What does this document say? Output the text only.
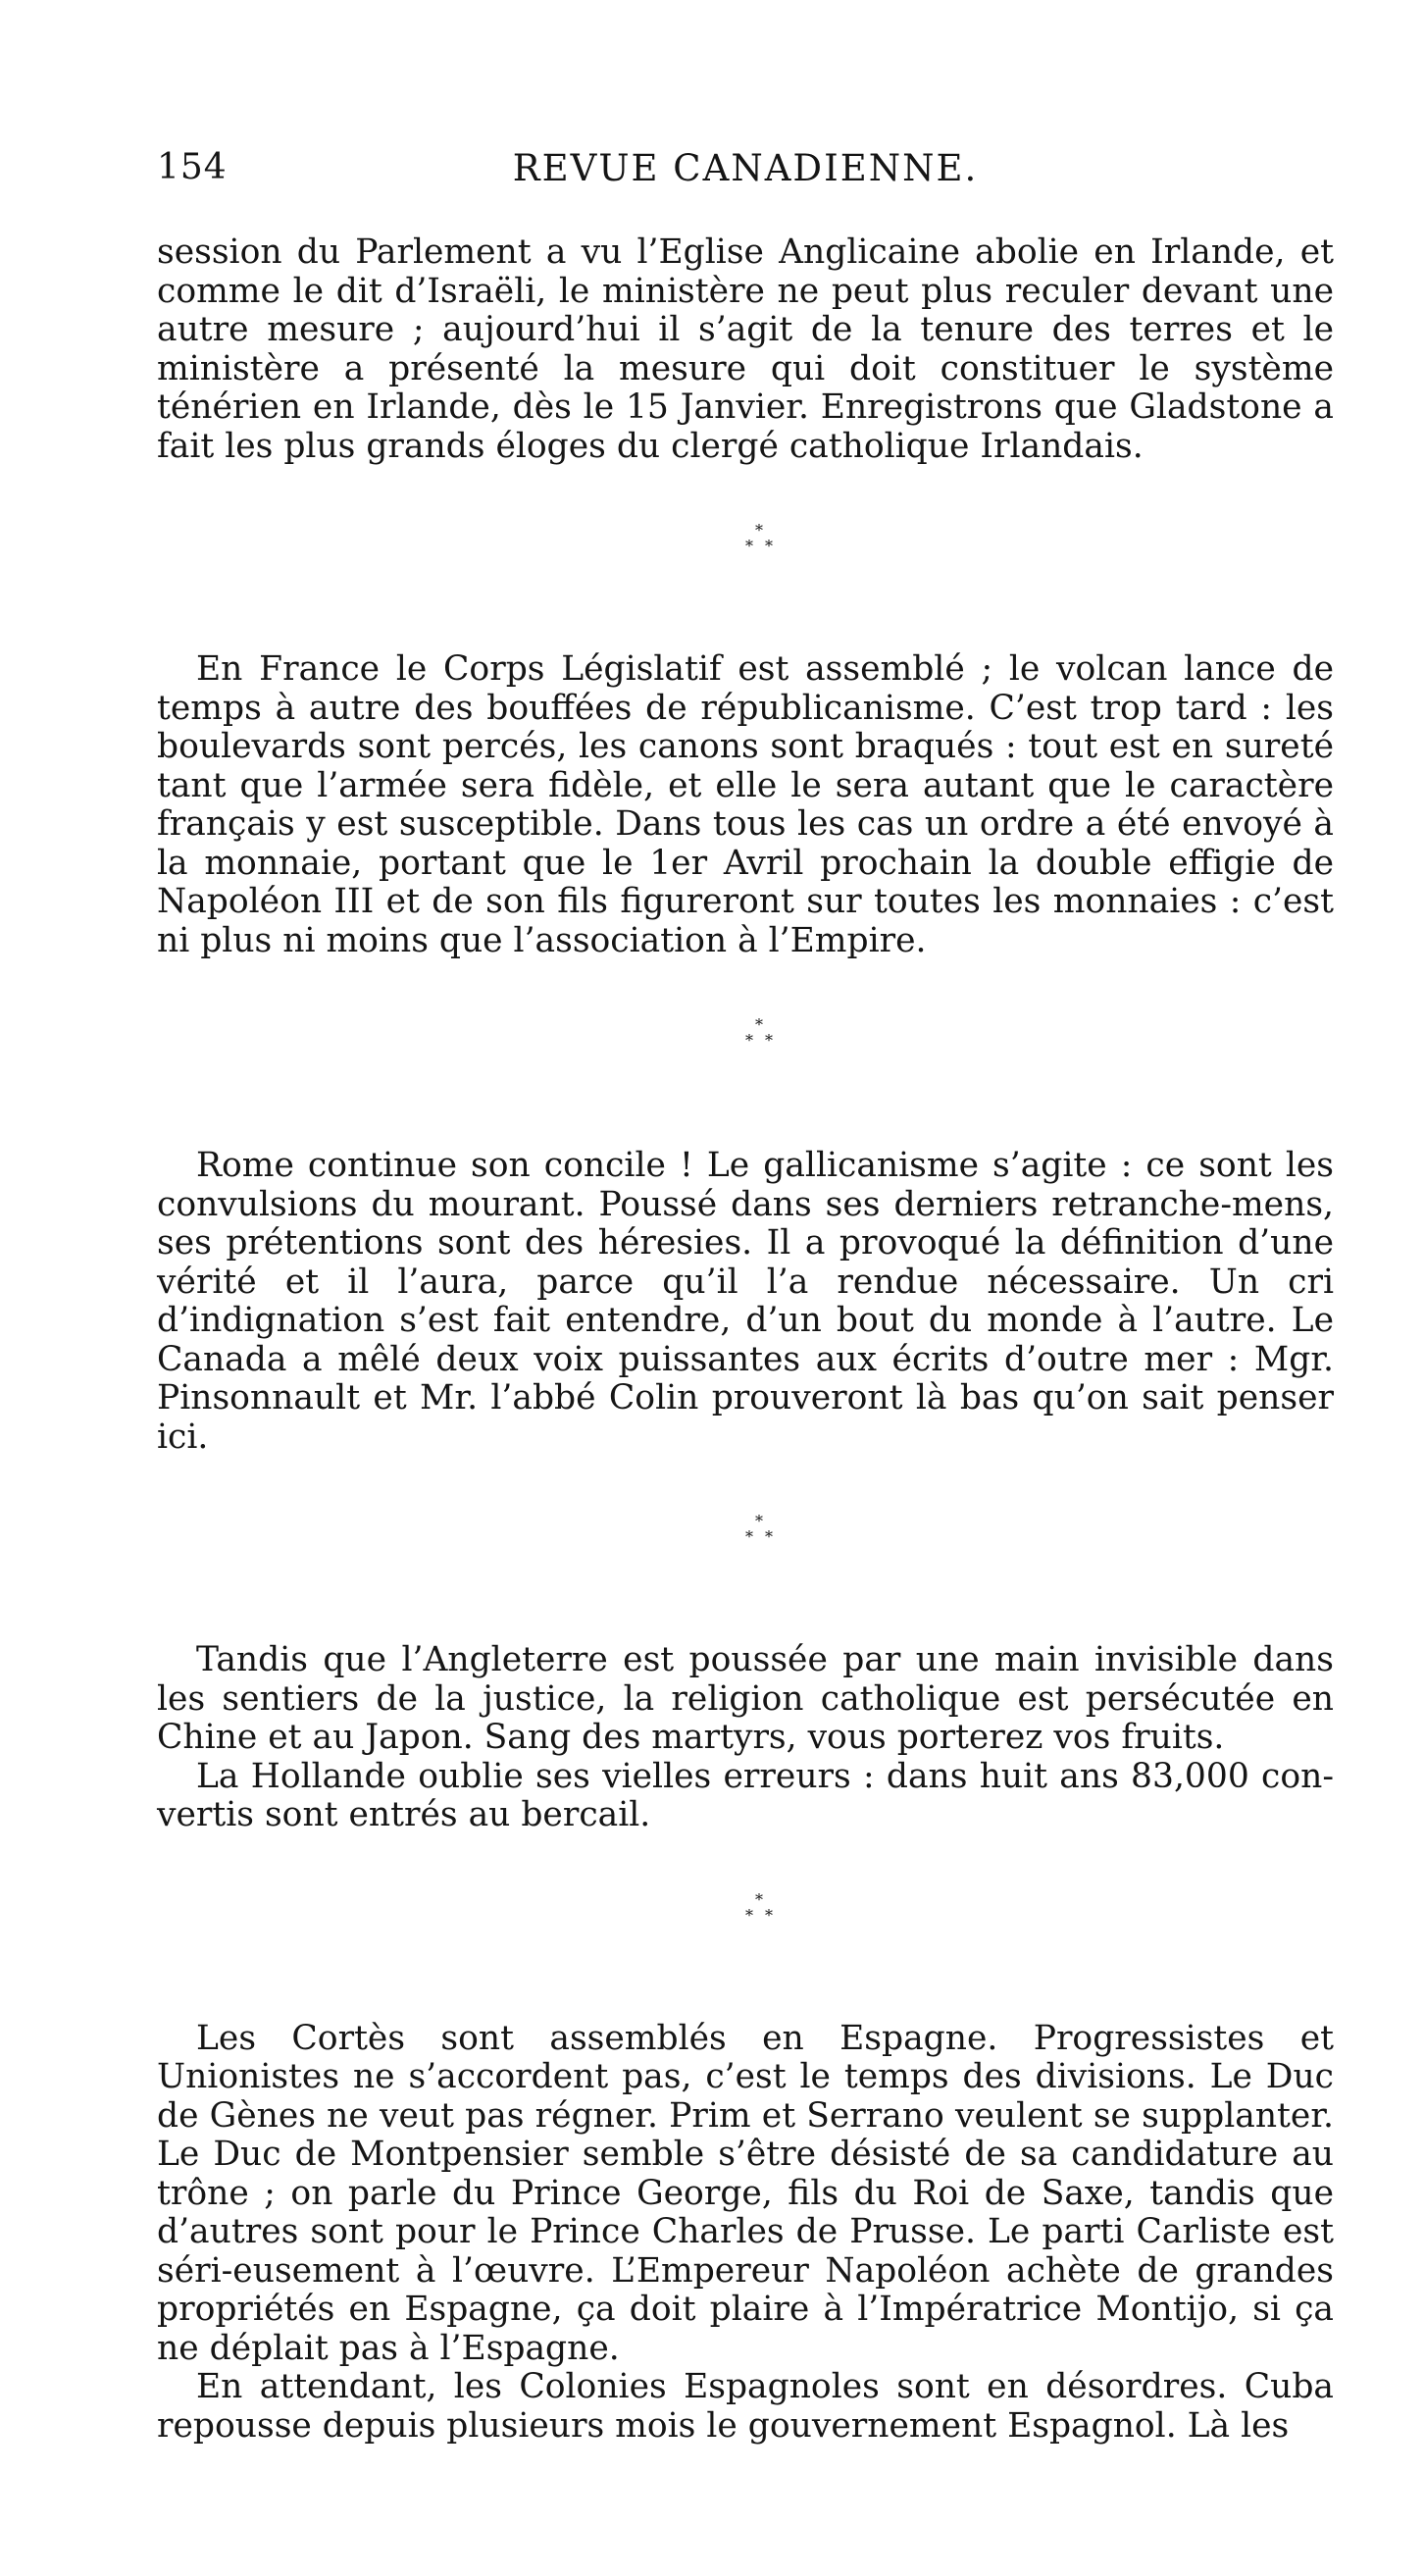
154	REVUE CANADIENNE.

session du Parlement a vu l’Eglise Anglicaine abolie en Irlande, et comme le dit d’Israëli, le ministère ne peut plus reculer devant une autre mesure ; aujourd’hui il s’agit de la tenure des terres et le ministère a présenté la mesure qui doit constituer le système ténérien en Irlande, dès le 15 Janvier. Enregistrons que Gladstone a fait les plus grands éloges du clergé catholique Irlandais.

*
**

En France le Corps Législatif est assemblé ; le volcan lance de temps à autre des bouffées de républicanisme. C’est trop tard : les boulevards sont percés, les canons sont braqués : tout est en sureté tant que l’armée sera fidèle, et elle le sera autant que le caractère français y est susceptible. Dans tous les cas un ordre a été envoyé à la monnaie, portant que le 1er Avril prochain la double effigie de Napoléon III et de son fils figureront sur toutes les monnaies : c’est ni plus ni moins que l’association à l’Empire.

*
**

Rome continue son concile ! Le gallicanisme s’agite : ce sont les convulsions du mourant. Poussé dans ses derniers retranche-mens, ses prétentions sont des héresies. Il a provoqué la définition d’une vérité et il l’aura, parce qu’il l’a rendue nécessaire. Un cri d’indignation s’est fait entendre, d’un bout du monde à l’autre. Le Canada a mêlé deux voix puissantes aux écrits d’outre mer : Mgr. Pinsonnault et Mr. l’abbé Colin prouveront là bas qu’on sait penser ici.

*
**

Tandis que l’Angleterre est poussée par une main invisible dans les sentiers de la justice, la religion catholique est persécutée en Chine et au Japon. Sang des martyrs, vous porterez vos fruits.

La Hollande oublie ses vielles erreurs : dans huit ans 83,000 con-vertis sont entrés au bercail.

*
**

Les Cortès sont assemblés en Espagne. Progressistes et Unionistes ne s’accordent pas, c’est le temps des divisions. Le Duc de Gènes ne veut pas régner. Prim et Serrano veulent se supplanter. Le Duc de Montpensier semble s’être désisté de sa candidature au trône ; on parle du Prince George, fils du Roi de Saxe, tandis que d’autres sont pour le Prince Charles de Prusse. Le parti Carliste est séri-eusement à l’œuvre. L’Empereur Napoléon achète de grandes propriétés en Espagne, ça doit plaire à l’Impératrice Montijo, si ça ne déplait pas à l’Espagne.

En attendant, les Colonies Espagnoles sont en désordres. Cuba repousse depuis plusieurs mois le gouvernement Espagnol. Là les
